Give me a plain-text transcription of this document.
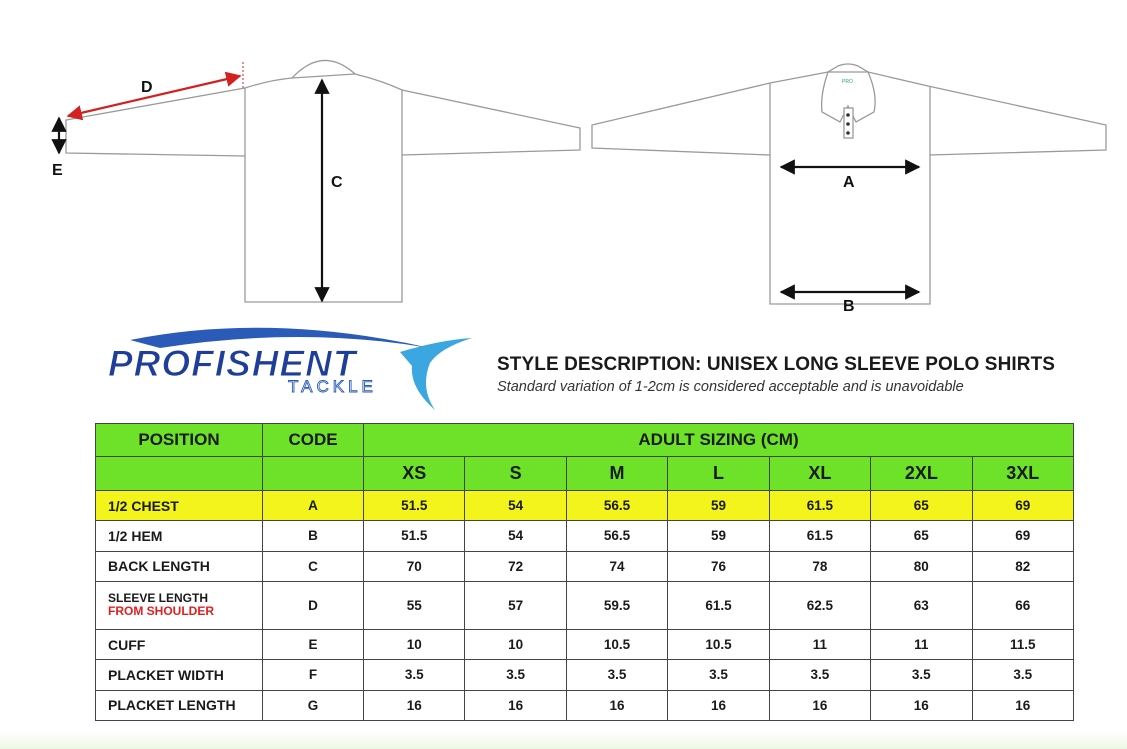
C
D
E
PRO
A
B
PROFISHENT
TACKLE

STYLE DESCRIPTION: UNISEX LONG SLEEVE POLO SHIRTS

Standard variation of 1-2cm is considered acceptable and is unavoidable

POSITION	CODE	ADULT SIZING (CM)						
		XS	S	M	L	XL	2XL	3XL
1/2 CHEST	A	51.5	54	56.5	59	61.5	65	69
1/2 HEM	B	51.5	54	56.5	59	61.5	65	69
BACK LENGTH	C	70	72	74	76	78	80	82

SLEEVE LENGTH
FROM SHOULDER	D	55	57	59.5	61.5	62.5	63	66
CUFF	E	10	10	10.5	10.5	11	11	11.5
PLACKET WIDTH	F	3.5	3.5	3.5	3.5	3.5	3.5	3.5
PLACKET LENGTH	G	16	16	16	16	16	16	16
